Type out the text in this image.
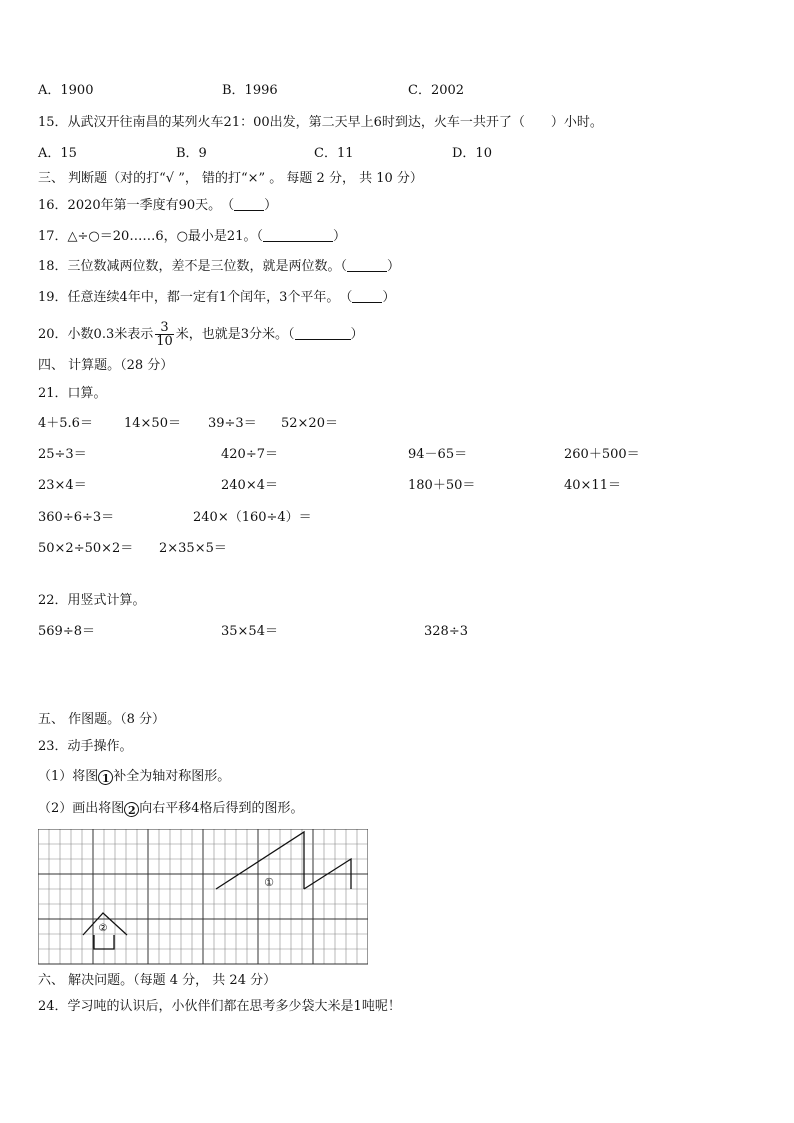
A．1900	B．1996	C．2002
15．从武汉开往南昌的某列火车21：00出发，第二天早上6时到达，火车一共开了（　　）小时。
A．15	B．9	C．11	D．10
三、 判断题（对的打“√ ”， 错的打“×” 。 每题 2 分， 共 10 分）
16．2020年第一季度有90天。　（ ）
17．△÷○＝20……6，○最小是21。（	）
18．三位数减两位数，差不是三位数，就是两位数。（	）
19．任意连续4年中，都一定有1个闰年，3个平年。　（ ）
20．小数0.3米表示 $\frac{3}{10}$ 米，也就是3分米。（	）
四、 计算题。（28 分）
21．口算。
4＋5.6＝ 14×50＝ 39÷3＝ 52×20＝
25÷3＝	420÷7＝	94－65＝	260＋500＝
23×4＝	240×4＝	180＋50＝	40×11＝
360÷6÷3＝	240×（160÷4）＝
50×2÷50×2＝ 2×35×5＝
22．用竖式计算。
569÷8＝	35×54＝	328÷3
五、 作图题。（8 分）
23．动手操作。
（1）将图 1 补全为轴对称图形。
（2）画出将图 2 向右平移4格后得到的图形。
①
②
六、 解决问题。（每题 4 分， 共 24 分）
24．学习吨的认识后，小伙伴们都在思考多少袋大米是1吨呢！
